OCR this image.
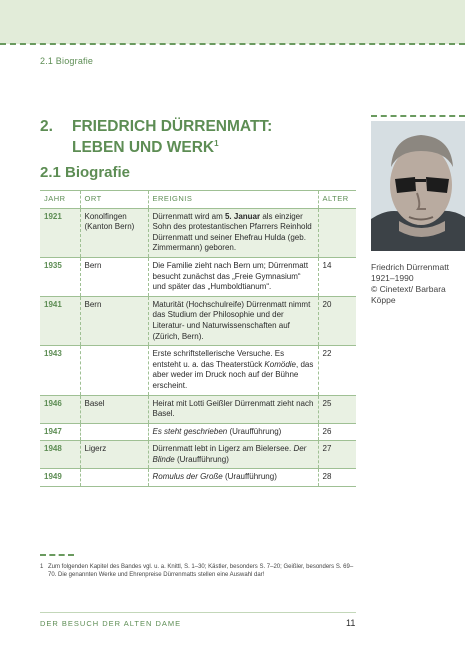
2.1 Biografie
2. FRIEDRICH DÜRRENMATT:
LEBEN UND WERK$^1$
2.1 Biografie
JAHR	ORT	EREIGNIS	ALTER
1921	Konolfingen (Kanton Bern)	Dürrenmatt wird am 5. Januar als einziger Sohn des protestantischen Pfarrers Reinhold Dürrenmatt und seiner Ehefrau Hulda (geb. Zimmermann) geboren.	
1935	Bern	Die Familie zieht nach Bern um; Dürrenmatt besucht zunächst das „Freie Gymnasium“ und später das „Humboldtianum“.	14
1941	Bern	Maturität (Hochschulreife) Dürrenmatt nimmt das Studium der Philosophie und der Literatur- und Naturwissenschaften auf (Zürich, Bern).	20
1943		Erste schriftstellerische Versuche. Es entsteht u. a. das Theaterstück Komödie, das aber weder im Druck noch auf der Bühne erscheint.	22
1946	Basel	Heirat mit Lotti Geißler Dürrenmatt zieht nach Basel.	25
1947		Es steht geschrieben (Uraufführung)	26
1948	Ligerz	Dürrenmatt lebt in Ligerz am Bielersee. Der Blinde (Uraufführung)	27
1949		Romulus der Große (Uraufführung)	28
Friedrich Dürrenmatt
1921–1990
© Cinetext/ Barbara Köppe
1 Zum folgenden Kapitel des Bandes vgl. u. a. Knittl, S. 1–30; Kästler, besonders S. 7–20; Geißler, besonders S. 69–70. Die genannten Werke und Ehrenpreise Dürrenmatts stellen eine Auswahl dar!
DER BESUCH DER ALTEN DAME	11
